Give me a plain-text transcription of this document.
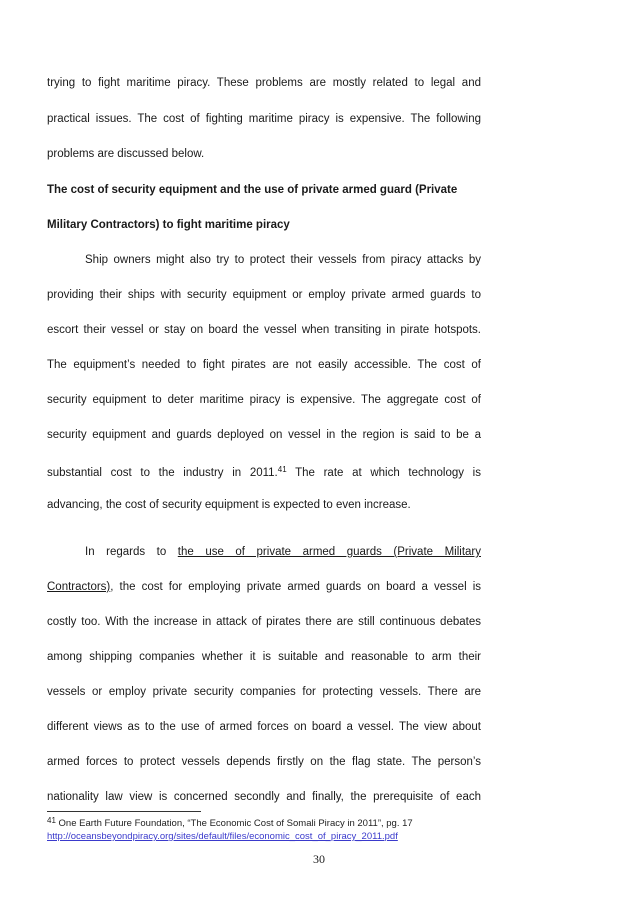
trying to fight maritime piracy. These problems are mostly related to legal and
practical issues. The cost of fighting maritime piracy is expensive. The following
problems are discussed below.
The cost of security equipment and the use of private armed guard (Private
Military Contractors) to fight maritime piracy
Ship owners might also try to protect their vessels from piracy attacks by
providing their ships with security equipment or employ private armed guards to
escort their vessel or stay on board the vessel when transiting in pirate hotspots.
The equipment’s needed to fight pirates are not easily accessible. The cost of
security equipment to deter maritime piracy is expensive. The aggregate cost of
security equipment and guards deployed on vessel in the region is said to be a
substantial cost to the industry in 2011.41 The rate at which technology is
advancing, the cost of security equipment is expected to even increase.
In regards to the use of private armed guards (Private Military
Contractors), the cost for employing private armed guards on board a vessel is
costly too. With the increase in attack of pirates there are still continuous debates
among shipping companies whether it is suitable and reasonable to arm their
vessels or employ private security companies for protecting vessels. There are
different views as to the use of armed forces on board a vessel. The view about
armed forces to protect vessels depends firstly on the flag state. The person’s
nationality law view is concerned secondly and finally, the prerequisite of each
$^{41}$ One Earth Future Foundation, “The Economic Cost of Somali Piracy in 2011”, pg. 17
http://oceansbeyondpiracy.org/sites/default/files/economic_cost_of_piracy_2011.pdf
30
